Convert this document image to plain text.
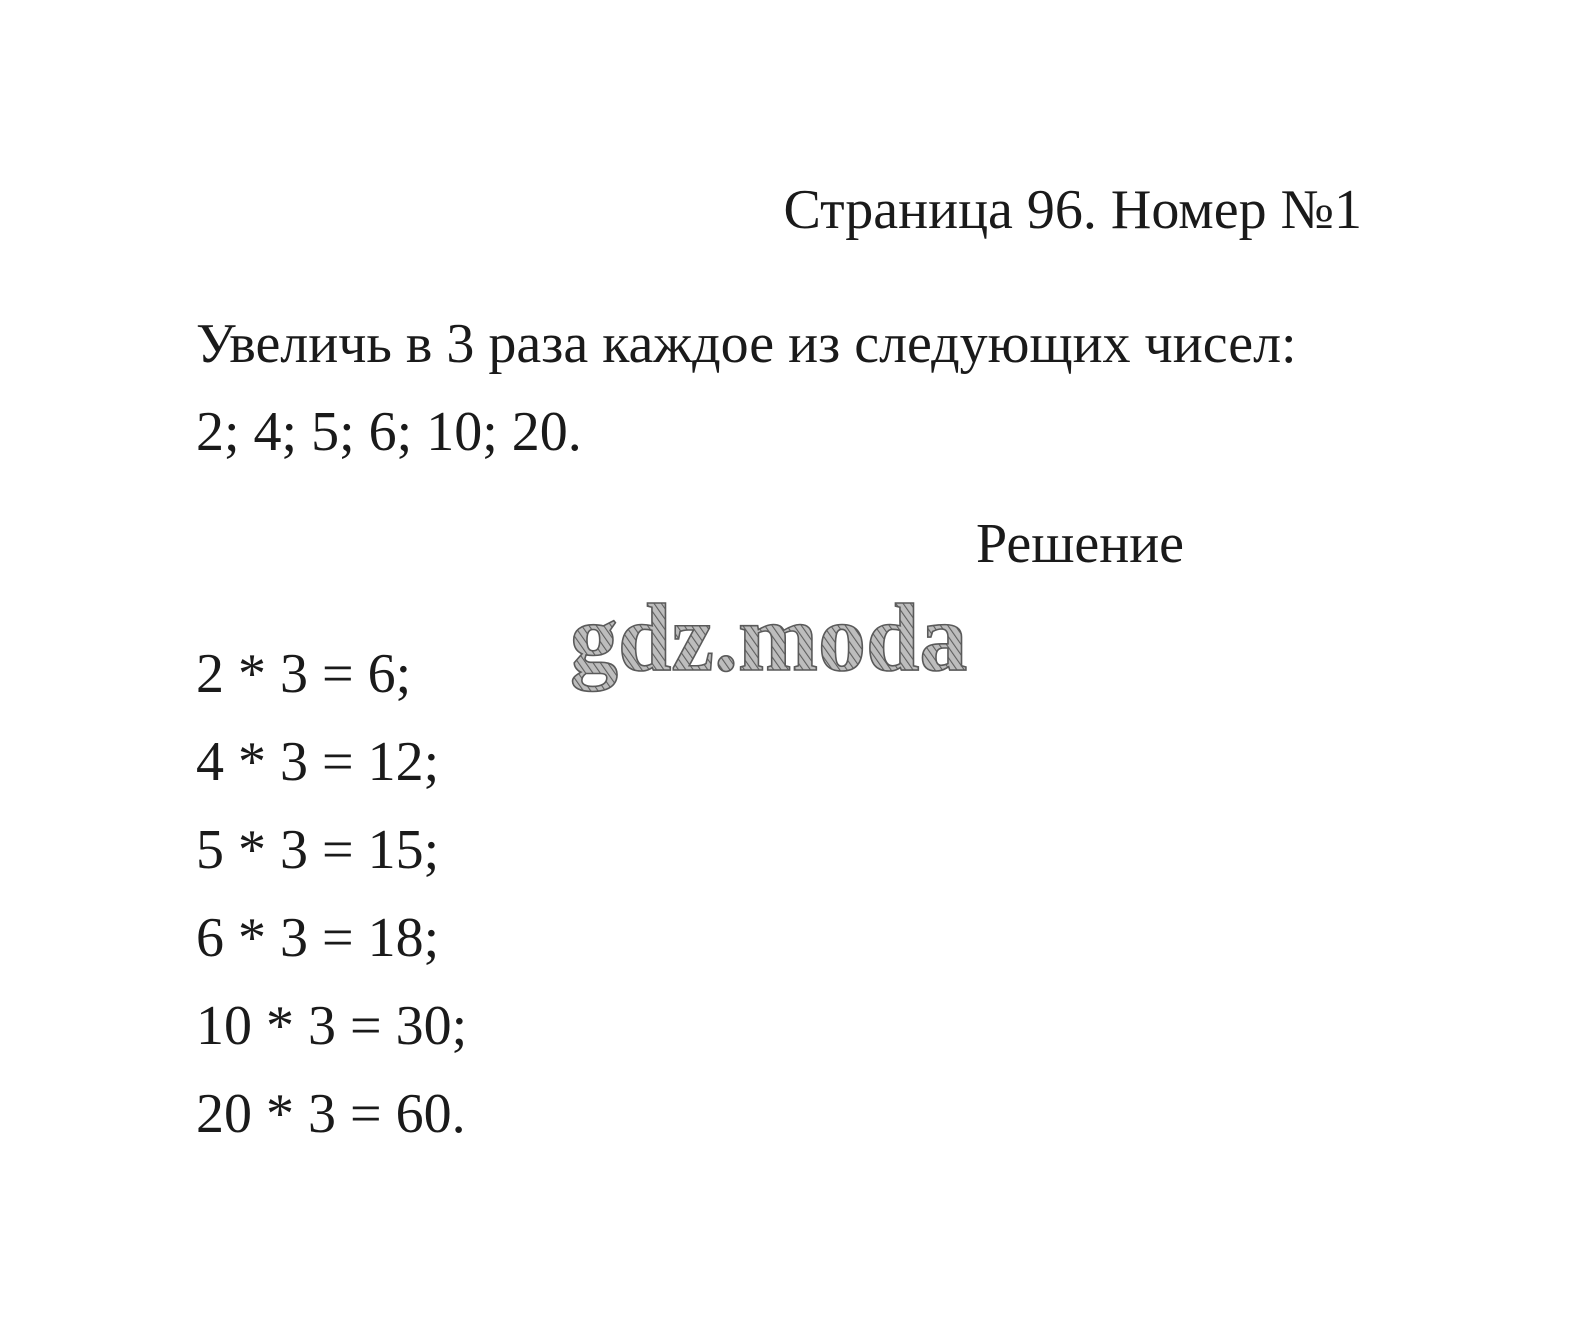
Страница 96. Номер №1
Увеличь в 3 раза каждое из следующих чисел:
2; 4; 5; 6; 10; 20.
Решение
2 * 3 = 6;
4 * 3 = 12;
5 * 3 = 15;
6 * 3 = 18;
10 * 3 = 30;
20 * 3 = 60.
gdz.moda
